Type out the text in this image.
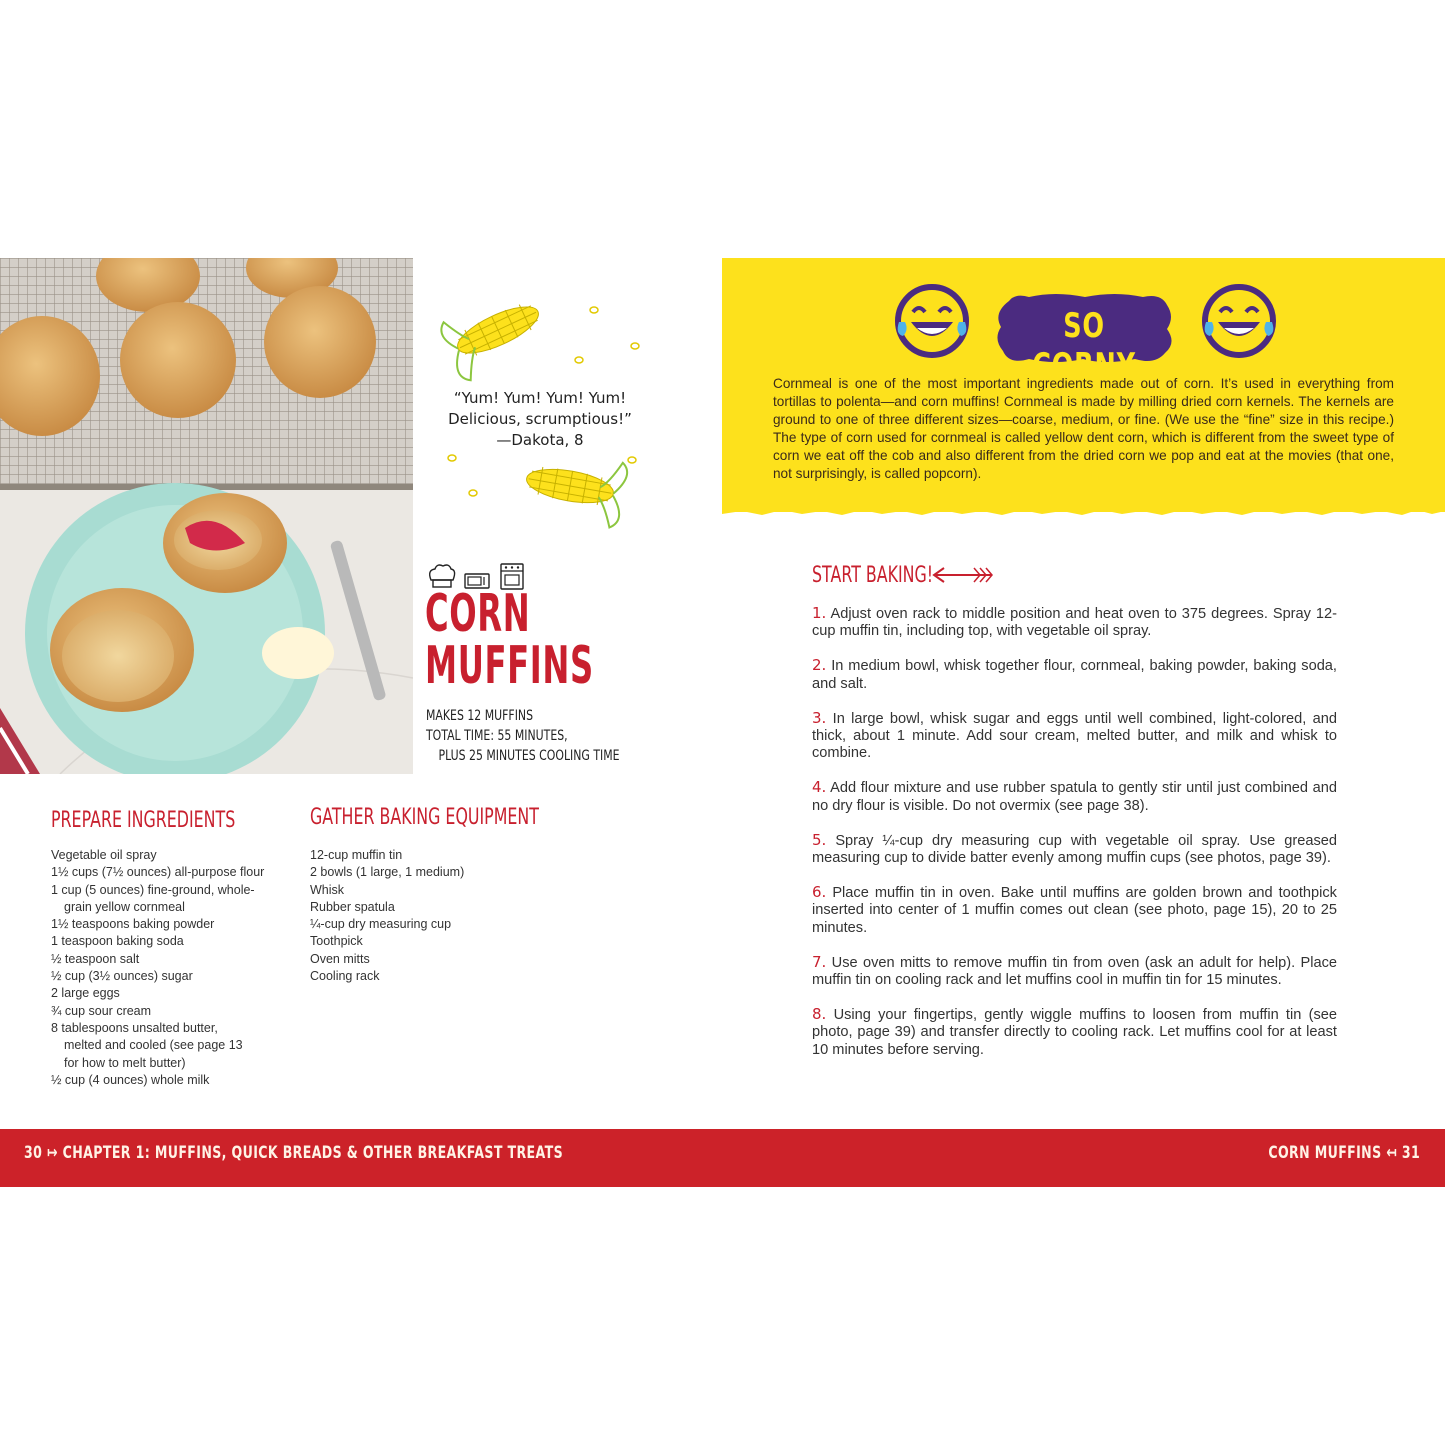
“Yum! Yum! Yum! Yum!
Delicious, scrumptious!”
—Dakota, 8
CORN
MUFFINS
MAKES 12 MUFFINS
TOTAL TIME: 55 MINUTES,
PLUS 25 MINUTES COOLING TIME
PREPARE INGREDIENTS
Vegetable oil spray
1½ cups (7½ ounces) all-purpose flour
1 cup (5 ounces) fine-ground, whole-
grain yellow cornmeal
1½ teaspoons baking powder
1 teaspoon baking soda
½ teaspoon salt
½ cup (3½ ounces) sugar
2 large eggs
¾ cup sour cream
8 tablespoons unsalted butter,
melted and cooled (see page 13
for how to melt butter)
½ cup (4 ounces) whole milk
GATHER BAKING EQUIPMENT
12-cup muffin tin
2 bowls (1 large, 1 medium)
Whisk
Rubber spatula
¼-cup dry measuring cup
Toothpick
Oven mitts
Cooling rack
SO CORNY
Cornmeal is one of the most important ingredients made out of corn. It’s used in everything from tortillas to polenta—and corn muffins! Cornmeal is made by milling dried corn kernels. The kernels are ground to one of three different sizes—coarse, medium, or fine. (We use the “fine” size in this recipe.) The type of corn used for cornmeal is called yellow dent corn, which is different from the sweet type of corn we eat off the cob and also different from the dried corn we pop and eat at the movies (that one, not surprisingly, is called popcorn).
START BAKING!
1. Adjust oven rack to middle position and heat oven to 375 degrees. Spray 12-cup muffin tin, including top, with vegetable oil spray.
2. In medium bowl, whisk together flour, cornmeal, baking powder, baking soda, and salt.
3. In large bowl, whisk sugar and eggs until well combined, light-colored, and thick, about 1 minute. Add sour cream, melted butter, and milk and whisk to combine.
4. Add flour mixture and use rubber spatula to gently stir until just combined and no dry flour is visible. Do not overmix (see page 38).
5. Spray ¼-cup dry measuring cup with vegetable oil spray. Use greased measuring cup to divide batter evenly among muffin cups (see photos, page 39).
6. Place muffin tin in oven. Bake until muffins are golden brown and toothpick inserted into center of 1 muffin comes out clean (see photo, page 15), 20 to 25 minutes.
7. Use oven mitts to remove muffin tin from oven (ask an adult for help). Place muffin tin on cooling rack and let muffins cool in muffin tin for 15 minutes.
8. Using your fingertips, gently wiggle muffins to loosen from muffin tin (see photo, page 39) and transfer directly to cooling rack. Let muffins cool for at least 10 minutes before serving.
30 ↦ CHAPTER 1: MUFFINS, QUICK BREADS & OTHER BREAKFAST TREATS	CORN MUFFINS ↤ 31
